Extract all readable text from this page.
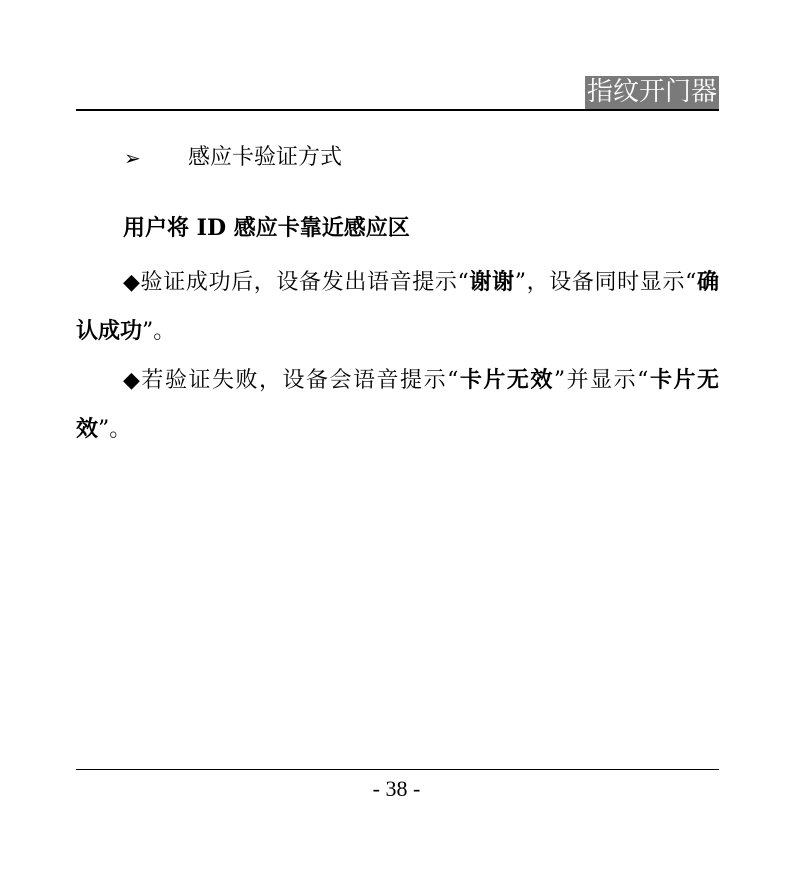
指纹开门器
➢ 感应卡验证方式
用户将 ID 感应卡靠近感应区

◆验证成功后，设备发出语音提示“谢谢”，设备同时显示“确认成功”。

◆若验证失败，设备会语音提示“卡片无效”并显示“卡片无效”。

- 38 -
